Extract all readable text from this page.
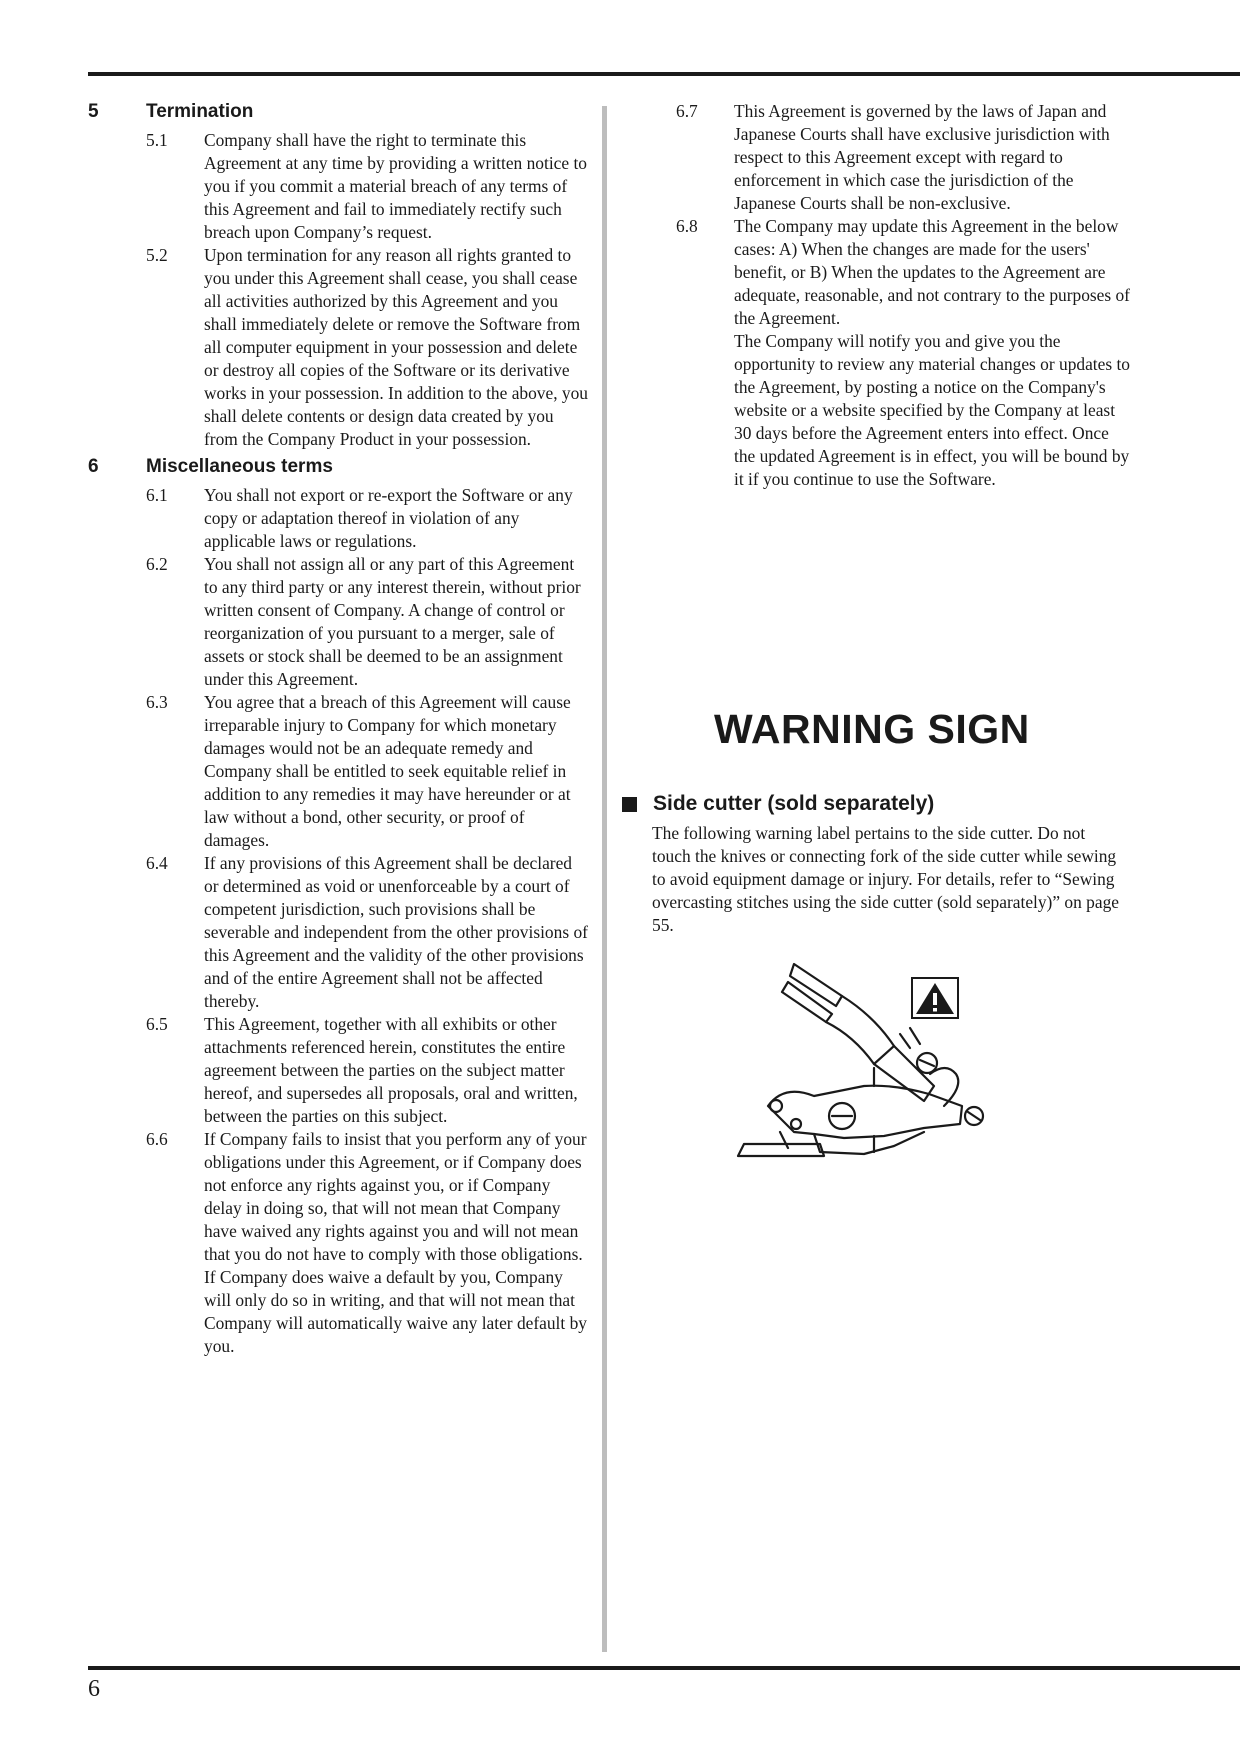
5	Termination
5.1	Company shall have the right to terminate this Agreement at any time by providing a written notice to you if you commit a material breach of any terms of this Agreement and fail to immediately rectify such breach upon Company’s request.
5.2	Upon termination for any reason all rights granted to you under this Agreement shall cease, you shall cease all activities authorized by this Agreement and you shall immediately delete or remove the Software from all computer equipment in your possession and delete or destroy all copies of the Software or its derivative works in your possession. In addition to the above, you shall delete contents or design data created by you from the Company Product in your possession.
6	Miscellaneous terms
6.1	You shall not export or re-export the Software or any copy or adaptation thereof in violation of any applicable laws or regulations.
6.2	You shall not assign all or any part of this Agreement to any third party or any interest therein, without prior written consent of Company. A change of control or reorganization of you pursuant to a merger, sale of assets or stock shall be deemed to be an assignment under this Agreement.
6.3	You agree that a breach of this Agreement will cause irreparable injury to Company for which monetary damages would not be an adequate remedy and Company shall be entitled to seek equitable relief in addition to any remedies it may have hereunder or at law without a bond, other security, or proof of damages.
6.4	If any provisions of this Agreement shall be declared or determined as void or unenforceable by a court of competent jurisdiction, such provisions shall be severable and independent from the other provisions of this Agreement and the validity of the other provisions and of the entire Agreement shall not be affected thereby.
6.5	This Agreement, together with all exhibits or other attachments referenced herein, constitutes the entire agreement between the parties on the subject matter hereof, and supersedes all proposals, oral and written, between the parties on this subject.
6.6	If Company fails to insist that you perform any of your obligations under this Agreement, or if Company does not enforce any rights against you, or if Company delay in doing so, that will not mean that Company have waived any rights against you and will not mean that you do not have to comply with those obligations. If Company does waive a default by you, Company will only do so in writing, and that will not mean that Company will automatically waive any later default by you.
6.7	This Agreement is governed by the laws of Japan and Japanese Courts shall have exclusive jurisdiction with respect to this Agreement except with regard to enforcement in which case the jurisdiction of the Japanese Courts shall be non-exclusive.
6.8	The Company may update this Agreement in the below cases: A) When the changes are made for the users' benefit, or B) When the updates to the Agreement are adequate, reasonable, and not contrary to the purposes of the Agreement.

The Company will notify you and give you the opportunity to review any material changes or updates to the Agreement, by posting a notice on the Company's website or a website specified by the Company at least 30 days before the Agreement enters into effect. Once the updated Agreement is in effect, you will be bound by it if you continue to use the Software.

WARNING SIGN
Side cutter (sold separately)
The following warning label pertains to the side cutter. Do not touch the knives or connecting fork of the side cutter while sewing to avoid equipment damage or injury. For details, refer to “Sewing overcasting stitches using the side cutter (sold separately)” on page 55.
6
